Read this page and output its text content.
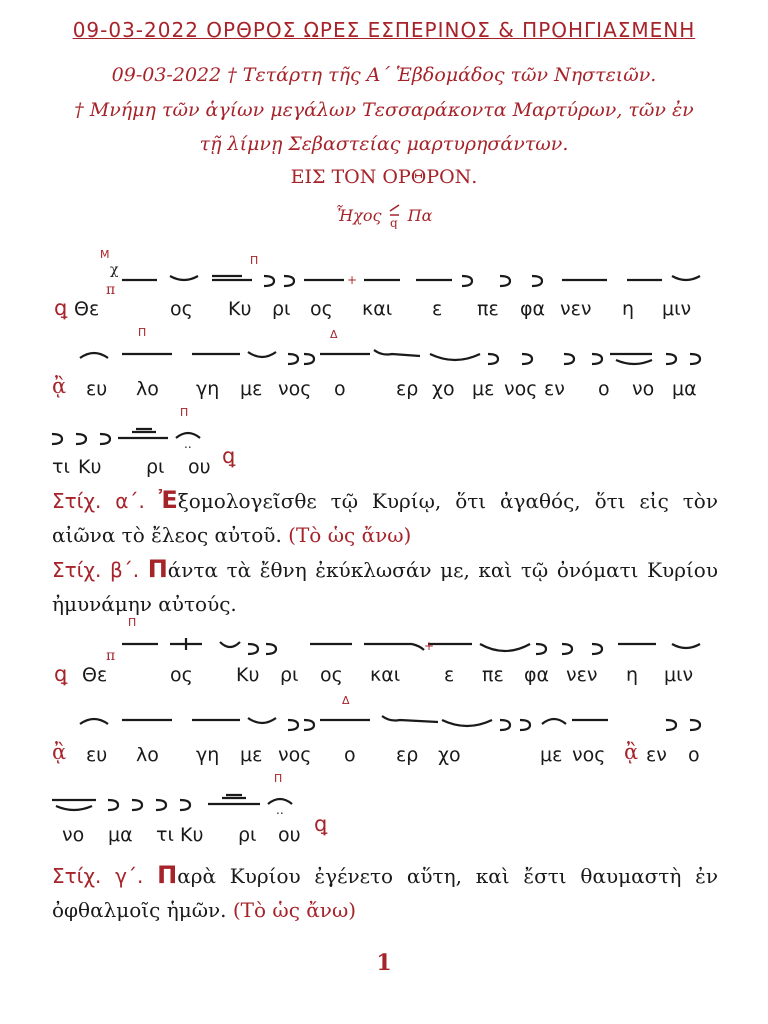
09-03-2022 ΟΡΘΡΟΣ ΩΡΕΣ ΕΣΠΕΡΙΝΟΣ & ΠΡΟΗΓΙΑΣΜΕΝΗ
09-03-2022 † Τετάρτη τῆς Α΄ Ἑβδομάδος τῶν Νηστειῶν.
† Μνήμη τῶν ἁγίων μεγάλων Τεσσαράκοντα Μαρτύρων, τῶν ἐν
τῇ λίμνῃ Σεβαστείας μαρτυρησάντων.
ΕΙΣ ΤΟΝ ΟΡΘΡΟΝ.
Ἦχος q Πα
M	Π
χ
+
π
ꝗ Θε	ος Κυ ρι ος και ε πε φα νεν η μιν
Π	Δ
ᾂ ευ λο γη με νος ο	ερ χο με νος εν ο νο μα
Π
..
τι Κυ ρι ου ꝗ
Στίχ. α΄. Ἐξομολογεῖσθε τῷ Κυρίῳ, ὅτι ἀγαθός, ὅτι εἰς τὸν αἰῶνα τὸ ἔλεος αὐτοῦ. (Τὸ ὡς ἄνω)
Στίχ. β΄. Πάντα τὰ ἔθνη ἐκύκλωσάν με, καὶ τῷ ὀνόματι Κυρίου ἠμυνάμην αὐτούς.
Π
+
π
ꝗ Θε	ος Κυ ρι ος και ε πε φα νεν η μιν
Δ
ᾂ ευ λο γη με νος ο ερ χο	με νος ᾂ εν ο
Π
..
νο μα τι Κυ ρι ου ꝗ
Στίχ. γ΄. Παρὰ Κυρίου ἐγένετο αὕτη, καὶ ἔστι θαυμαστὴ ἐν ὀφθαλμοῖς ἡμῶν. (Τὸ ὡς ἄνω)
1
